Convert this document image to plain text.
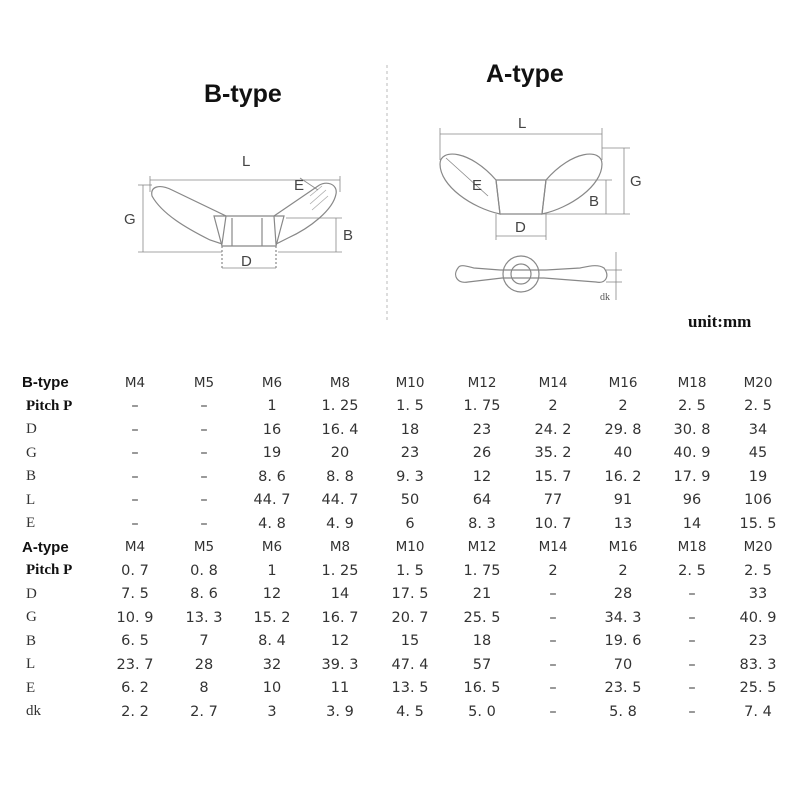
B-type
A-type
unit:mm
L
G
E
B
D
L
G
E
B
D
dk
B-type	M4	M5	M6	M8	M10	M12	M14	M16	M18	M20
Pitch P	–	–	1	1. 25	1. 5	1. 75	2	2	2. 5	2. 5
D	–	–	16	16. 4	18	23	24. 2	29. 8	30. 8	34
G	–	–	19	20	23	26	35. 2	40	40. 9	45
B	–	–	8. 6	8. 8	9. 3	12	15. 7	16. 2	17. 9	19
L	–	–	44. 7	44. 7	50	64	77	91	96	106
E	–	–	4. 8	4. 9	6	8. 3	10. 7	13	14	15. 5
A-type	M4	M5	M6	M8	M10	M12	M14	M16	M18	M20
Pitch P	0. 7	0. 8	1	1. 25	1. 5	1. 75	2	2	2. 5	2. 5
D	7. 5	8. 6	12	14	17. 5	21	–	28	–	33
G	10. 9	13. 3	15. 2	16. 7	20. 7	25. 5	–	34. 3	–	40. 9
B	6. 5	7	8. 4	12	15	18	–	19. 6	–	23
L	23. 7	28	32	39. 3	47. 4	57	–	70	–	83. 3
E	6. 2	8	10	11	13. 5	16. 5	–	23. 5	–	25. 5
dk	2. 2	2. 7	3	3. 9	4. 5	5. 0	–	5. 8	–	7. 4
